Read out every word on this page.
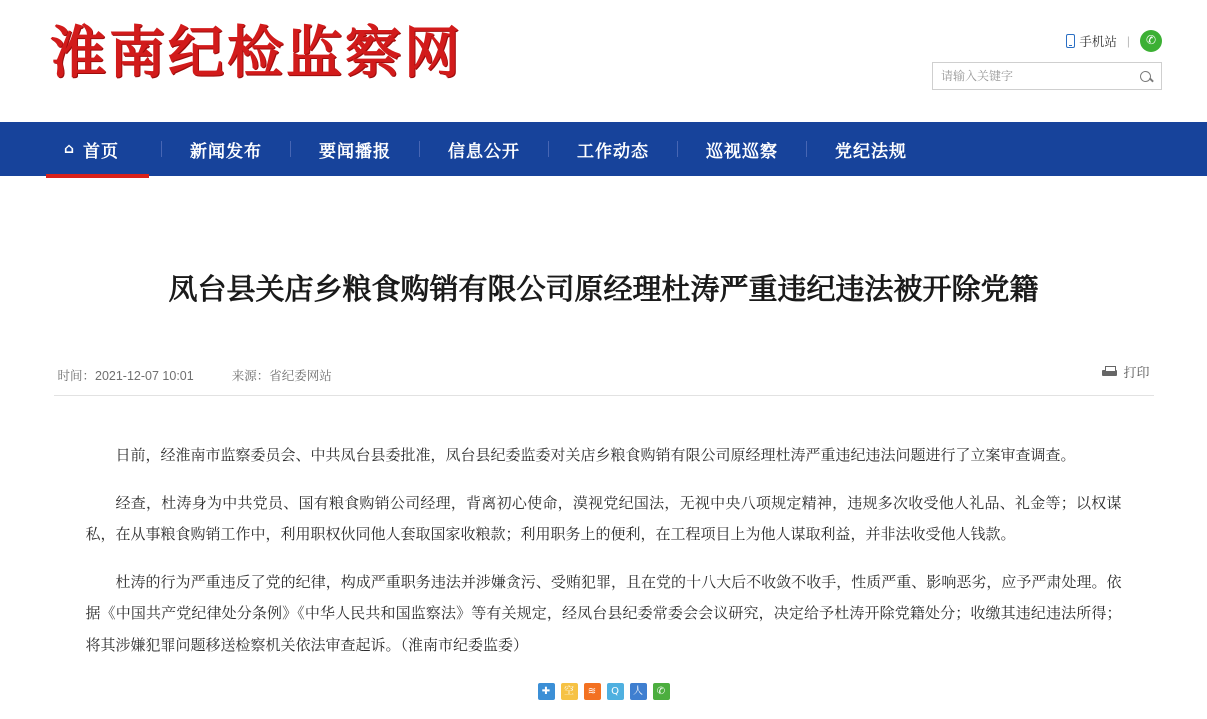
淮南纪检监察网	手机站 | ✆
请输入关键字
⌂ 首页	新闻发布	要闻播报	信息公开	工作动态	巡视巡察	党纪法规
凤台县关店乡粮食购销有限公司原经理杜涛严重违纪违法被开除党籍
时间：2021-12-07 10:01	来源：省纪委网站	打印

日前，经淮南市监察委员会、中共凤台县委批准，凤台县纪委监委对关店乡粮食购销有限公司原经理杜涛严重违纪违法问题进行了立案审查调查。

经查，杜涛身为中共党员、国有粮食购销公司经理，背离初心使命，漠视党纪国法，无视中央八项规定精神，违规多次收受他人礼品、礼金等；以权谋私，在从事粮食购销工作中，利用职权伙同他人套取国家收粮款；利用职务上的便利，在工程项目上为他人谋取利益，并非法收受他人钱款。

杜涛的行为严重违反了党的纪律，构成严重职务违法并涉嫌贪污、受贿犯罪，且在党的十八大后不收敛不收手，性质严重、影响恶劣，应予严肃处理。依据《中国共产党纪律处分条例》《中华人民共和国监察法》等有关规定，经凤台县纪委常委会会议研究，决定给予杜涛开除党籍处分；收缴其违纪违法所得；将其涉嫌犯罪问题移送检察机关依法审查起诉。（淮南市纪委监委）

✚	空	≋	Q	人	✆
